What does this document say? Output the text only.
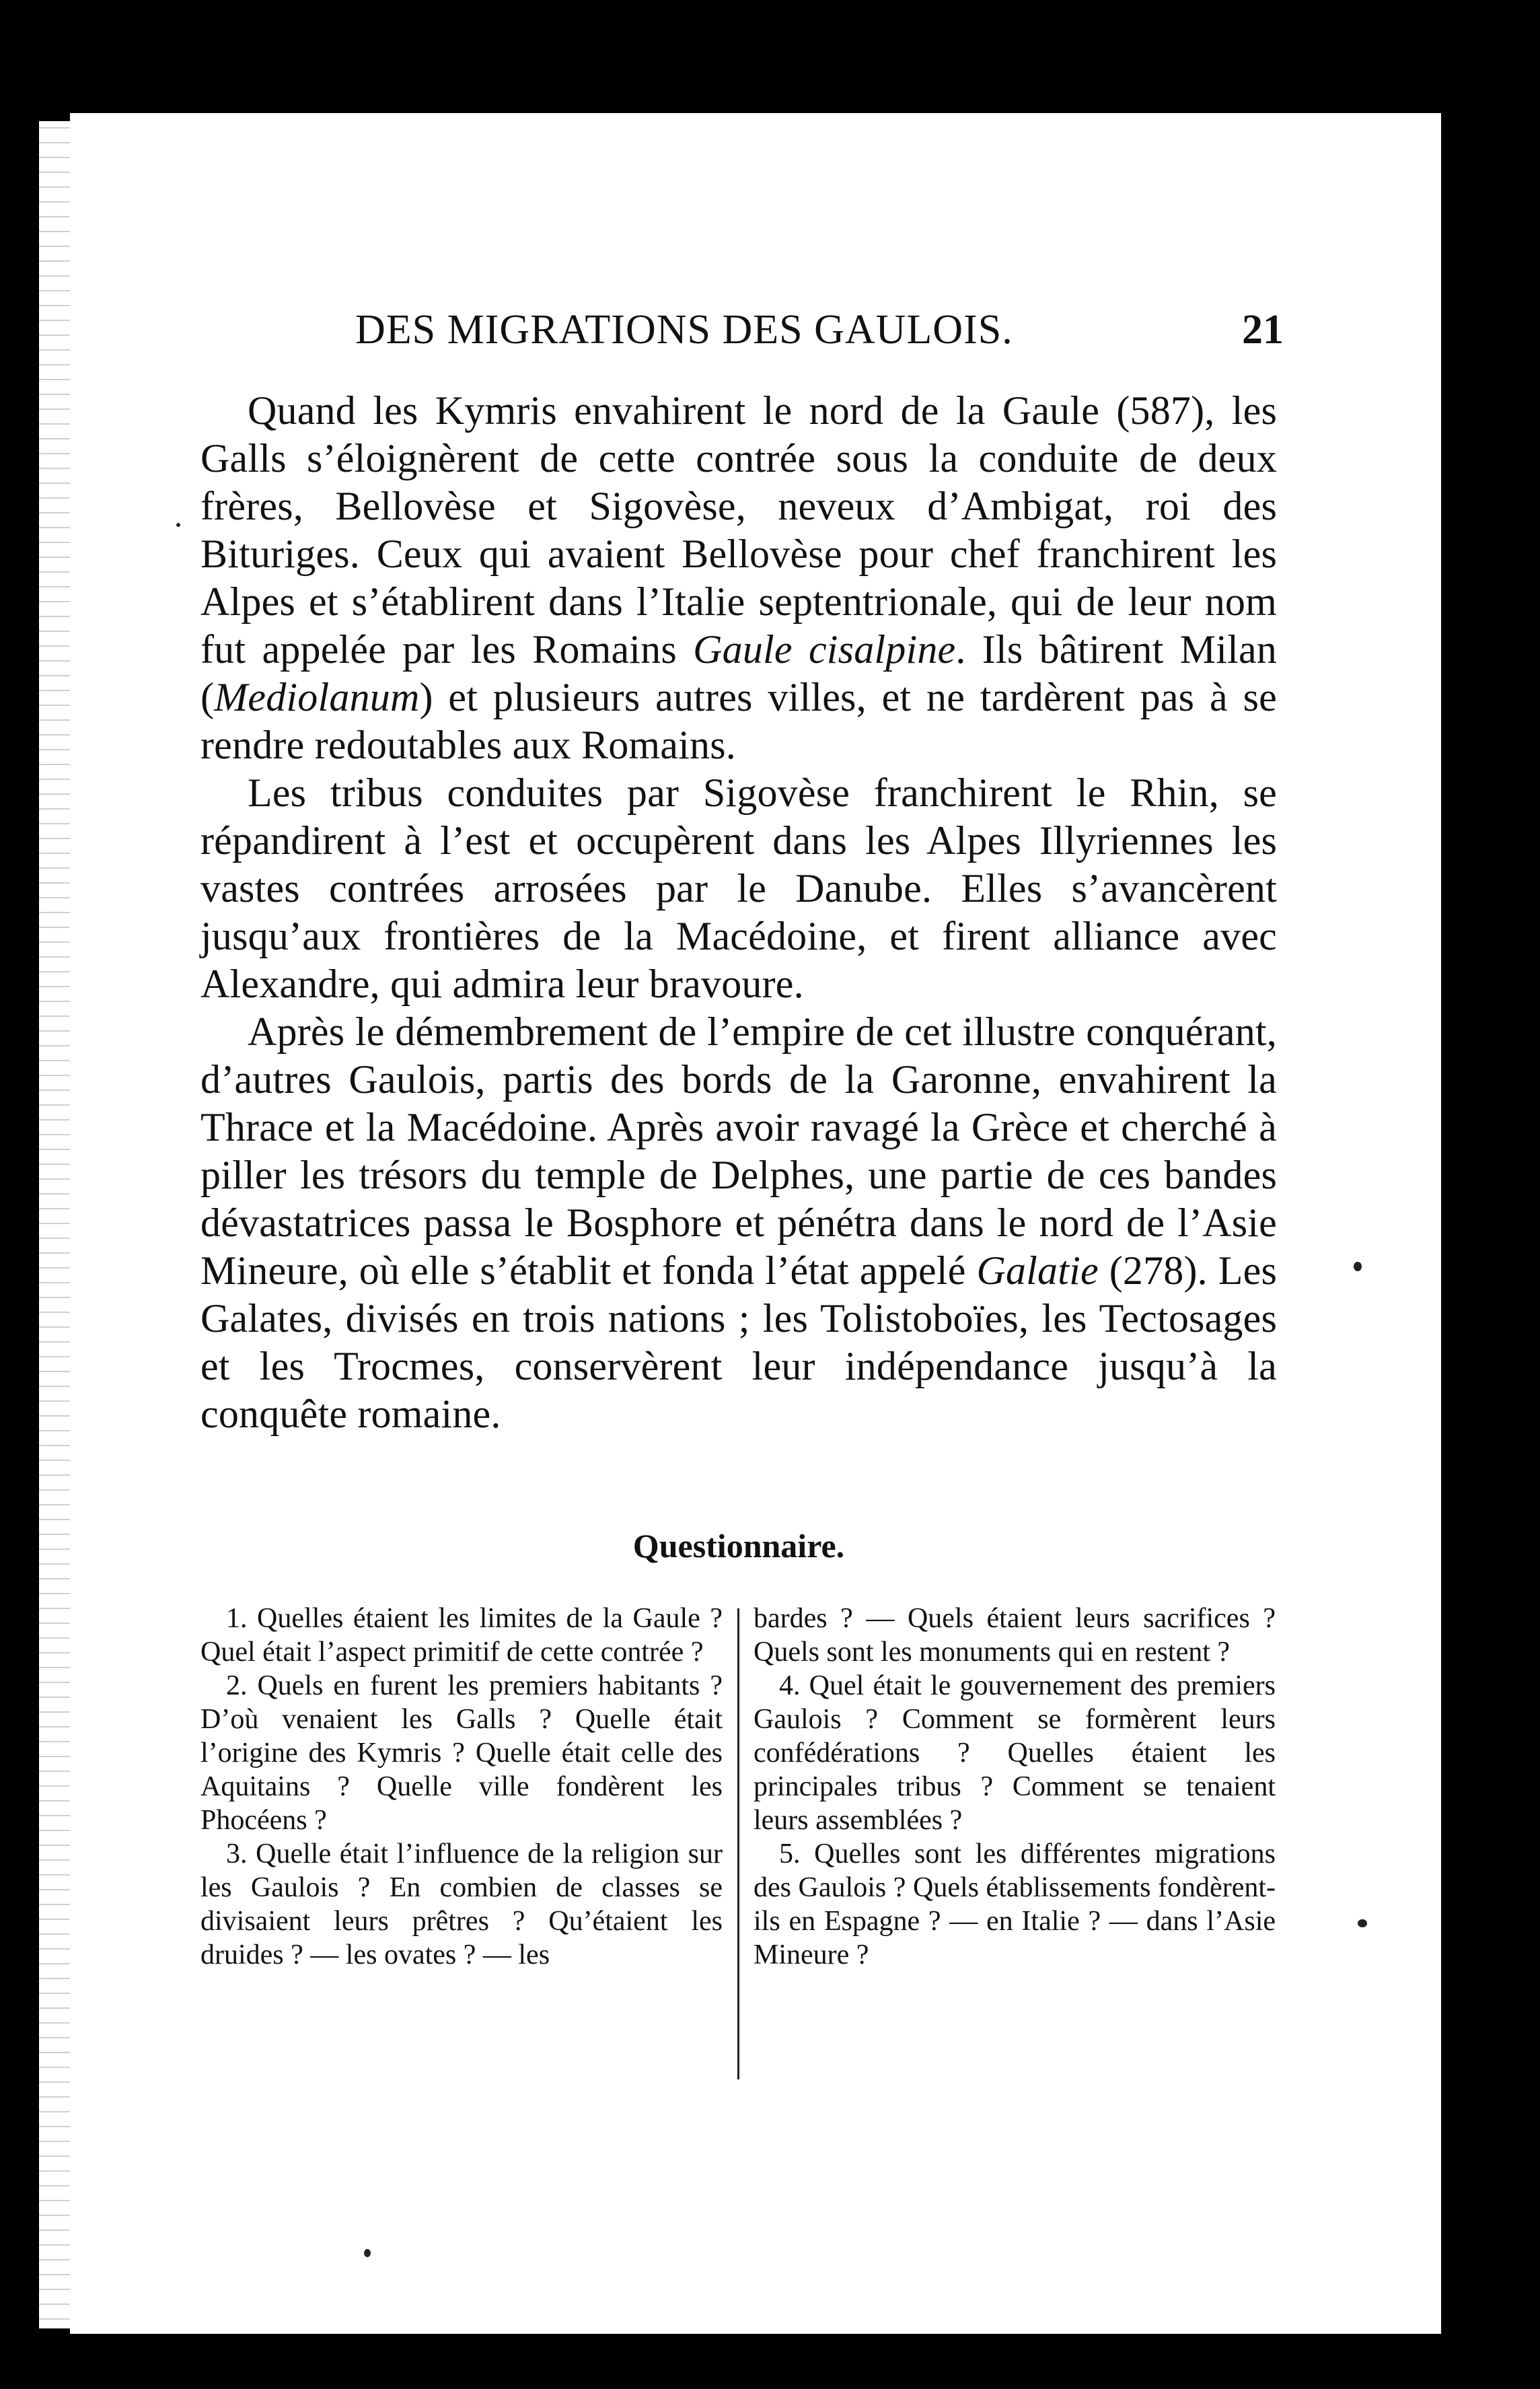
DES MIGRATIONS DES GAULOIS.	21

Quand les Kymris envahirent le nord de la Gaule (587), les Galls s’éloignèrent de cette contrée sous la conduite de deux frères, Bellovèse et Sigovèse, neveux d’Ambigat, roi des Bituriges. Ceux qui avaient Bellovèse pour chef franchirent les Alpes et s’établirent dans l’Italie septentrionale, qui de leur nom fut appelée par les Romains Gaule cisalpine. Ils bâtirent Milan (Mediolanum) et plusieurs autres villes, et ne tardèrent pas à se rendre redoutables aux Romains.

Les tribus conduites par Sigovèse franchirent le Rhin, se répandirent à l’est et occupèrent dans les Alpes Illyriennes les vastes contrées arrosées par le Danube. Elles s’avancèrent jusqu’aux frontières de la Macédoine, et firent alliance avec Alexandre, qui admira leur bravoure.

Après le démembrement de l’empire de cet illustre conquérant, d’autres Gaulois, partis des bords de la Garonne, envahirent la Thrace et la Macédoine. Après avoir ravagé la Grèce et cherché à piller les trésors du temple de Delphes, une partie de ces bandes dévastatrices passa le Bosphore et pénétra dans le nord de l’Asie Mineure, où elle s’établit et fonda l’état appelé Galatie (278). Les Galates, divisés en trois nations ; les Tolistoboïes, les Tectosages et les Trocmes, conservèrent leur indépendance jusqu’à la conquête romaine.

Questionnaire.

1. Quelles étaient les limites de la Gaule ? Quel était l’aspect primitif de cette contrée ?

2. Quels en furent les premiers habitants ? D’où venaient les Galls ? Quelle était l’origine des Kymris ? Quelle était celle des Aquitains ? Quelle ville fondèrent les Phocéens ?

3. Quelle était l’influence de la religion sur les Gaulois ? En combien de classes se divisaient leurs prêtres ? Qu’étaient les druides ? — les ovates ? — les

bardes ? — Quels étaient leurs sacrifices ? Quels sont les monuments qui en restent ?

4. Quel était le gouvernement des premiers Gaulois ? Comment se formèrent leurs confédérations ? Quelles étaient les principales tribus ? Comment se tenaient leurs assemblées ?

5. Quelles sont les différentes migrations des Gaulois ? Quels établissements fondèrent-ils en Espagne ? — en Italie ? — dans l’Asie Mineure ?
